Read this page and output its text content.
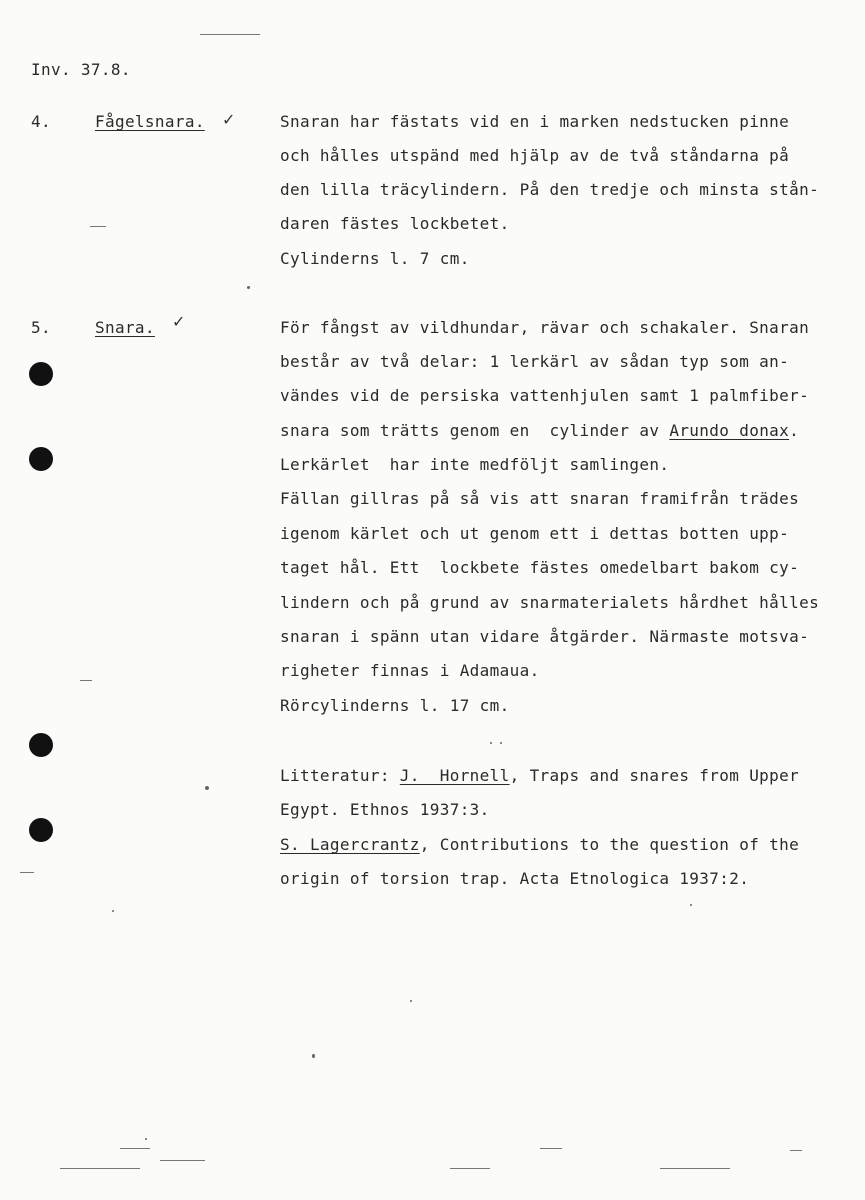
Inv. 37.8.
4.	Fågelsnara. ✓	Snaran har fästats vid en i marken nedstucken pinne
och hålles utspänd med hjälp av de två ståndarna på
den lilla träcylindern. På den tredje och minsta stån-
daren fästes lockbetet.
Cylinderns l. 7 cm.
5.	Snara. ✓	För fångst av vildhundar, rävar och schakaler. Snaran
består av två delar: 1 lerkärl av sådan typ som an-
vändes vid de persiska vattenhjulen samt 1 palmfiber-
snara som trätts genom en  cylinder av Arundo donax.
Lerkärlet  har inte medföljt samlingen.
Fällan gillras på så vis att snaran framifrån trädes
igenom kärlet och ut genom ett i dettas botten upp-
taget hål. Ett  lockbete fästes omedelbart bakom cy-
lindern och på grund av snarmaterialets hårdhet hålles
snaran i spänn utan vidare åtgärder. Närmaste motsva-
righeter finnas i Adamaua.
Rörcylinderns l. 17 cm.
Litteratur: J.  Hornell, Traps and snares from Upper
Egypt. Ethnos 1937:3.
S. Lagercrantz, Contributions to the question of the
origin of torsion trap. Acta Etnologica 1937:2.
